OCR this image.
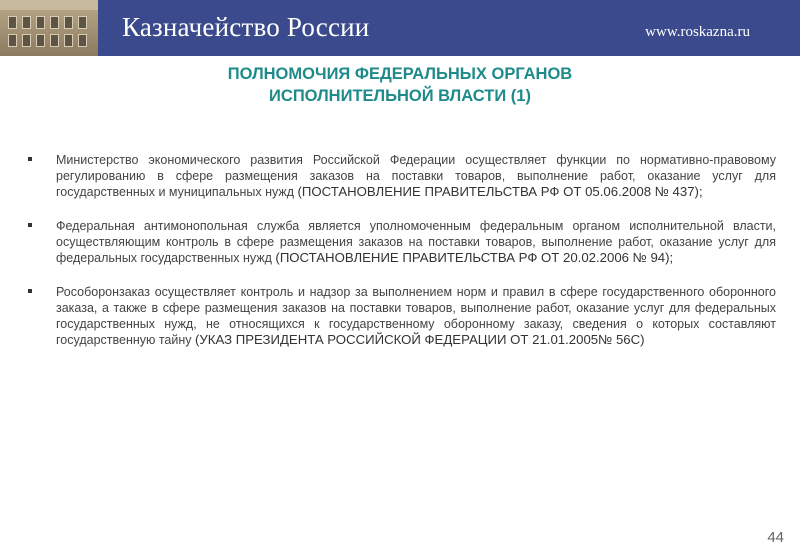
Казначейство России	www.roskazna.ru
ПОЛНОМОЧИЯ ФЕДЕРАЛЬНЫХ ОРГАНОВ
ИСПОЛНИТЕЛЬНОЙ ВЛАСТИ (1)
Министерство экономического развития Российской Федерации осуществляет функции по нормативно-правовому регулированию в сфере размещения заказов на поставки товаров, выполнение работ, оказание услуг для государственных и муниципальных нужд (ПОСТАНОВЛЕНИЕ ПРАВИТЕЛЬСТВА РФ ОТ 05.06.2008 № 437);
Федеральная антимонопольная служба является уполномоченным федеральным органом исполнительной власти, осуществляющим контроль в сфере размещения заказов на поставки товаров, выполнение работ, оказание услуг для федеральных государственных нужд (ПОСТАНОВЛЕНИЕ ПРАВИТЕЛЬСТВА РФ ОТ 20.02.2006 № 94);
Рособоронзаказ осуществляет контроль и надзор за выполнением норм и правил в сфере государственного оборонного заказа, а также в сфере размещения заказов на поставки товаров, выполнение работ, оказание услуг для федеральных государственных нужд, не относящихся к государственному оборонному заказу, сведения о которых составляют государственную тайну (УКАЗ ПРЕЗИДЕНТА РОССИЙСКОЙ ФЕДЕРАЦИИ ОТ 21.01.2005№ 56С)
44
